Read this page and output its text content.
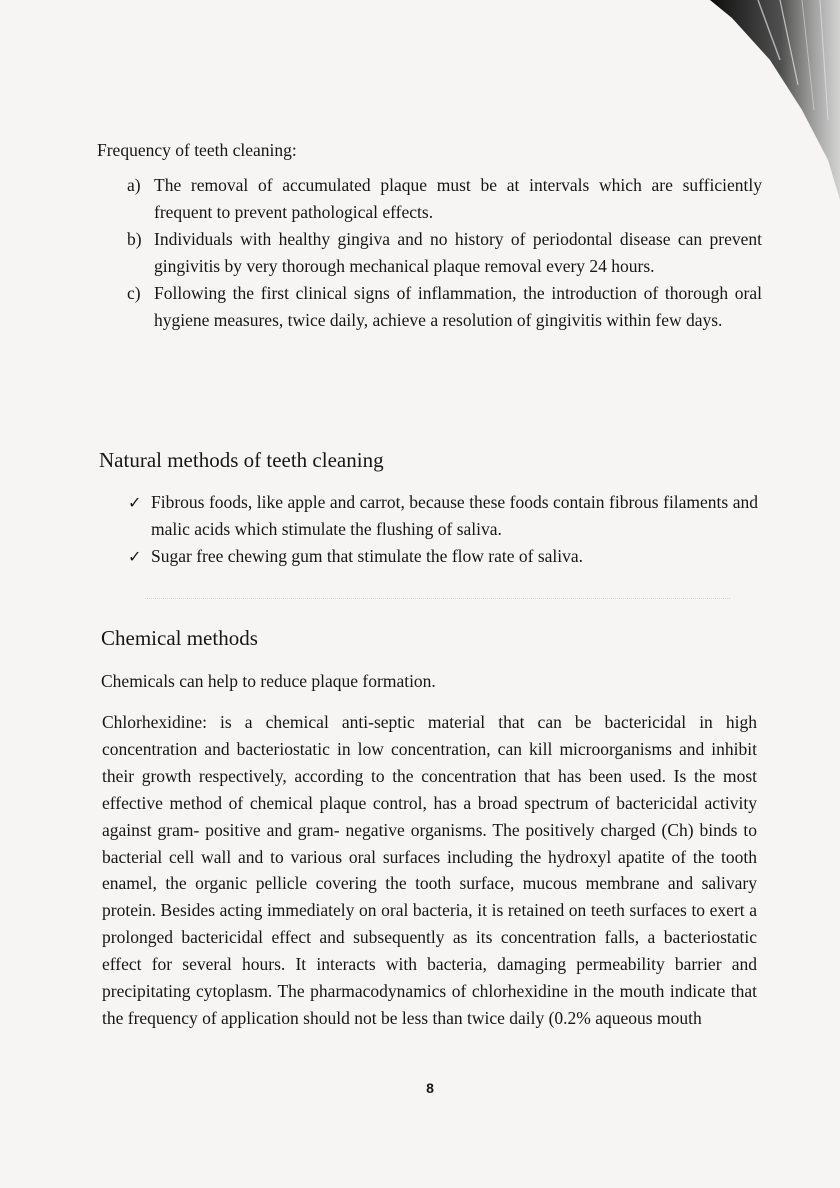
Frequency of teeth cleaning:
a) The removal of accumulated plaque must be at intervals which are sufficiently frequent to prevent pathological effects.
b) Individuals with healthy gingiva and no history of periodontal disease can prevent gingivitis by very thorough mechanical plaque removal every 24 hours.
c) Following the first clinical signs of inflammation, the introduction of thorough oral hygiene measures, twice daily, achieve a resolution of gingivitis within few days.
Natural methods of teeth cleaning
✓ Fibrous foods, like apple and carrot, because these foods contain fibrous filaments and malic acids which stimulate the flushing of saliva.
✓ Sugar free chewing gum that stimulate the flow rate of saliva.
Chemical methods

Chemicals can help to reduce plaque formation.

Chlorhexidine: is a chemical anti-septic material that can be bactericidal in high concentration and bacteriostatic in low concentration, can kill microorganisms and inhibit their growth respectively, according to the concentration that has been used. Is the most effective method of chemical plaque control, has a broad spectrum of bactericidal activity against gram- positive and gram- negative organisms. The positively charged (Ch) binds to bacterial cell wall and to various oral surfaces including the hydroxyl apatite of the tooth enamel, the organic pellicle covering the tooth surface, mucous membrane and salivary protein. Besides acting immediately on oral bacteria, it is retained on teeth surfaces to exert a prolonged bactericidal effect and subsequently as its concentration falls, a bacteriostatic effect for several hours. It interacts with bacteria, damaging permeability barrier and precipitating cytoplasm. The pharmacodynamics of chlorhexidine in the mouth indicate that the frequency of application should not be less than twice daily (0.2% aqueous mouth

8
